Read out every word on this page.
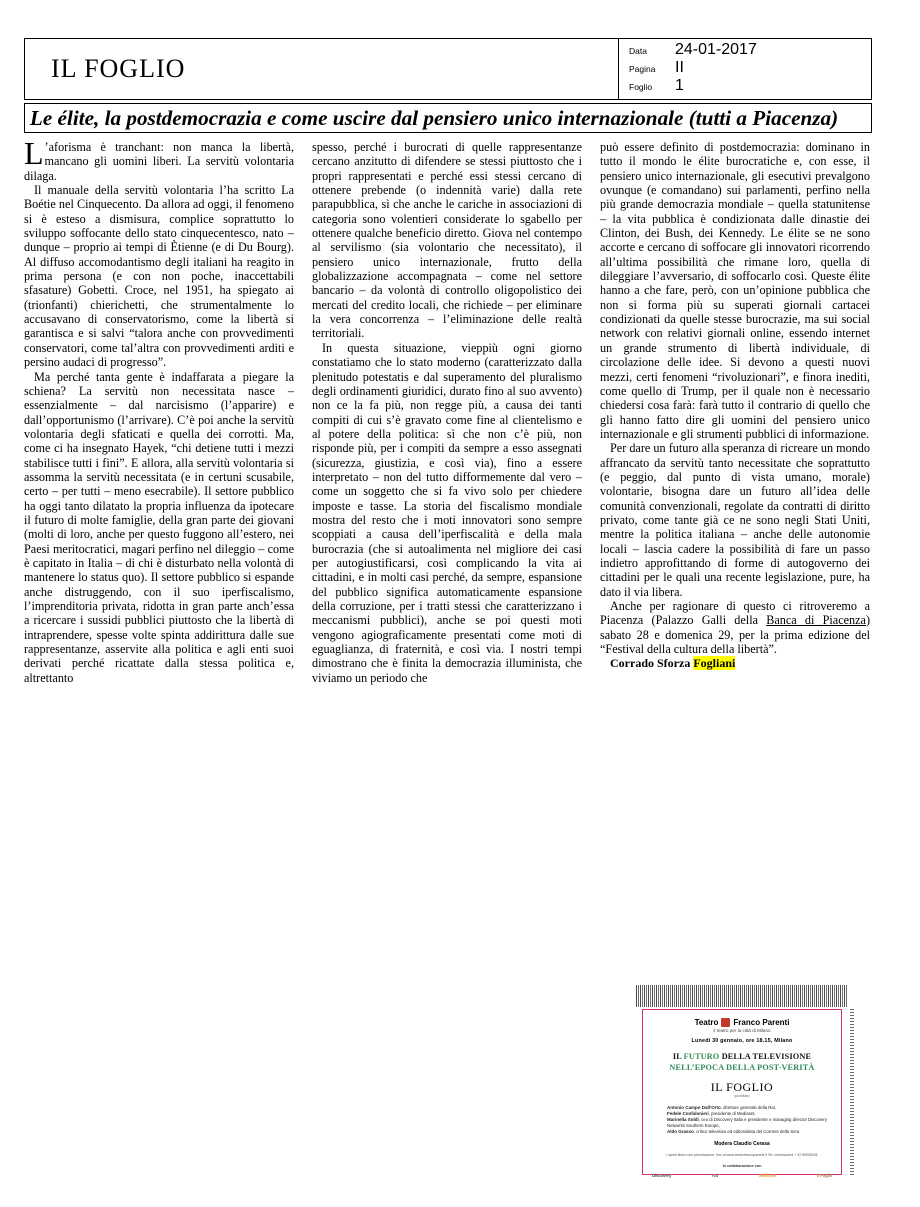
IL FOGLIO
Data	24-01-2017
Pagina	II
Foglio	1
Le élite, la postdemocrazia e come uscire dal pensiero unico internazionale (tutti a Piacenza)

L ’aforisma è tranchant: non manca la libertà, mancano gli uomini liberi. La servitù volontaria dilaga.

Il manuale della servitù volontaria l’ha scritto La Boétie nel Cinquecento. Da allora ad oggi, il fenomeno si è esteso a dismisura, complice soprattutto lo sviluppo soffocante dello stato cinquecentesco, nato – dunque – proprio ai tempi di Ètienne (e di Du Bourg). Al diffuso accomodantismo degli italiani ha reagito in prima persona (e con non poche, inaccettabili sfasature) Gobetti. Croce, nel 1951, ha spiegato ai (trionfanti) chierichetti, che strumentalmente lo accusavano di conservatorismo, come la libertà si garantisca e si salvi “talora anche con provvedimenti conservatori, come tal’altra con provvedimenti arditi e persino audaci di progresso”.

Ma perché tanta gente è indaffarata a piegare la schiena? La servitù non necessitata nasce – essenzialmente – dal narcisismo (l’apparire) e dall’opportunismo (l’arrivare). C’è poi anche la servitù volontaria degli sfaticati e quella dei corrotti. Ma, come ci ha insegnato Hayek, “chi detiene tutti i mezzi stabilisce tutti i fini”. E allora, alla servitù volontaria si assomma la servitù necessitata (e in certuni scusabile, certo – per tutti – meno esecrabile). Il settore pubblico ha oggi tanto dilatato la propria influenza da ipotecare il futuro di molte famiglie, della gran parte dei giovani (molti di loro, anche per questo fuggono all’estero, nei Paesi meritocratici, magari perfino nel dileggio – come è capitato in Italia – di chi è disturbato nella volontà di mantenere lo status quo). Il settore pubblico si espande anche distruggendo, con il suo iperfiscalismo, l’imprenditoria privata, ridotta in gran parte anch’essa a ricercare i sussidi pubblici piuttosto che la libertà di intraprendere, spesse volte spinta addirittura dalle sue rappresentanze, asservite alla politica e agli enti suoi derivati perché ricattate dalla stessa politica e, altrettanto

spesso, perché i burocrati di quelle rappresentanze cercano anzitutto di difendere se stessi piuttosto che i propri rappresentati e perché essi stessi cercano di ottenere prebende (o indennità varie) dalla rete parapubblica, sì che anche le cariche in associazioni di categoria sono volentieri considerate lo sgabello per ottenere qualche beneficio diretto. Giova nel contempo al servilismo (sia volontario che necessitato), il pensiero unico internazionale, frutto della globalizzazione accompagnata – come nel settore bancario – da volontà di controllo oligopolistico dei mercati del credito locali, che richiede – per eliminare la vera concorrenza – l’eliminazione delle realtà territoriali.

In questa situazione, vieppiù ogni giorno constatiamo che lo stato moderno (caratterizzato dalla plenitudo potestatis e dal superamento del pluralismo degli ordinamenti giuridici, durato fino al suo avvento) non ce la fa più, non regge più, a causa dei tanti compiti di cui s’è gravato come fine al clientelismo e al potere della politica: sì che non c’è più, non risponde più, per i compiti da sempre a esso assegnati (sicurezza, giustizia, e così via), fino a essere interpretato – non del tutto difformemente dal vero – come un soggetto che si fa vivo solo per chiedere imposte e tasse. La storia del fiscalismo mondiale mostra del resto che i moti innovatori sono sempre scoppiati a causa dell’iperfiscalità e della mala burocrazia (che si autoalimenta nel migliore dei casi per autogiustificarsi, così complicando la vita ai cittadini, e in molti casi perché, da sempre, espansione del pubblico significa automaticamente espansione della corruzione, per i tratti stessi che caratterizzano i meccanismi pubblici), anche se poi questi moti vengono agiograficamente presentati come moti di eguaglianza, di fraternità, e così via. I nostri tempi dimostrano che è finita la democrazia illuminista, che viviamo un periodo che

può essere definito di postdemocrazia: dominano in tutto il mondo le élite burocratiche e, con esse, il pensiero unico internazionale, gli esecutivi prevalgono ovunque (e comandano) sui parlamenti, perfino nella più grande democrazia mondiale – quella statunitense – la vita pubblica è condizionata dalle dinastie dei Clinton, dei Bush, dei Kennedy. Le élite se ne sono accorte e cercano di soffocare gli innovatori ricorrendo all’ultima possibilità che rimane loro, quella di dileggiare l’avversario, di soffocarlo così. Queste élite hanno a che fare, però, con un’opinione pubblica che non si forma più su superati giornali cartacei condizionati da quelle stesse burocrazie, ma sui social network con relativi giornali online, essendo internet un grande strumento di libertà individuale, di circolazione delle idee. Si devono a questi nuovi mezzi, certi fenomeni “rivoluzionari”, e finora inediti, come quello di Trump, per il quale non è necessario chiedersi cosa farà: farà tutto il contrario di quello che gli hanno fatto dire gli uomini del pensiero unico internazionale e gli strumenti pubblici di informazione.

Per dare un futuro alla speranza di ricreare un mondo affrancato da servitù tanto necessitate che soprattutto (e peggio, dal punto di vista umano, morale) volontarie, bisogna dare un futuro all’idea delle comunità convenzionali, regolate da contratti di diritto privato, come tante già ce ne sono negli Stati Uniti, mentre la politica italiana – anche delle autonomie locali – lascia cadere la possibilità di fare un passo indietro approfittando di forme di autogoverno dei cittadini per le quali una recente legislazione, pure, ha dato il via libera.

Anche per ragionare di questo ci ritroveremo a Piacenza (Palazzo Galli della Banca di Piacenza) sabato 28 e domenica 29, per la prima edizione del “Festival della cultura della libertà”.

Corrado Sforza Fogliani

Teatro Franco Parenti
il teatro per la città di Milano
Lunedì 30 gennaio, ore 18.15, Milano
IL FUTURO DELLA TELEVISIONE
NELL’EPOCA DELLA POST-VERITÀ
IL FOGLIO
quotidiano
Antonio Campo Dall’Orto, direttore generale della Rai,
Fedele Confalonieri, presidente di Mediaset,
Marinella Soldi, ceo di Discovery Italia e presidente e managing director Discovery Networks Southern Europe,
Aldo Grasso, critico televisivo ed editorialista del Corriere della Sera
Modera Claudio Cerasa
I sprint libero con prenotazione, fino al www.teatrofrancoparenti.it Tel. informazioni + 02 59995206
in collaborazione con
Discovery	Rai	Mediaset	Il Foglio
